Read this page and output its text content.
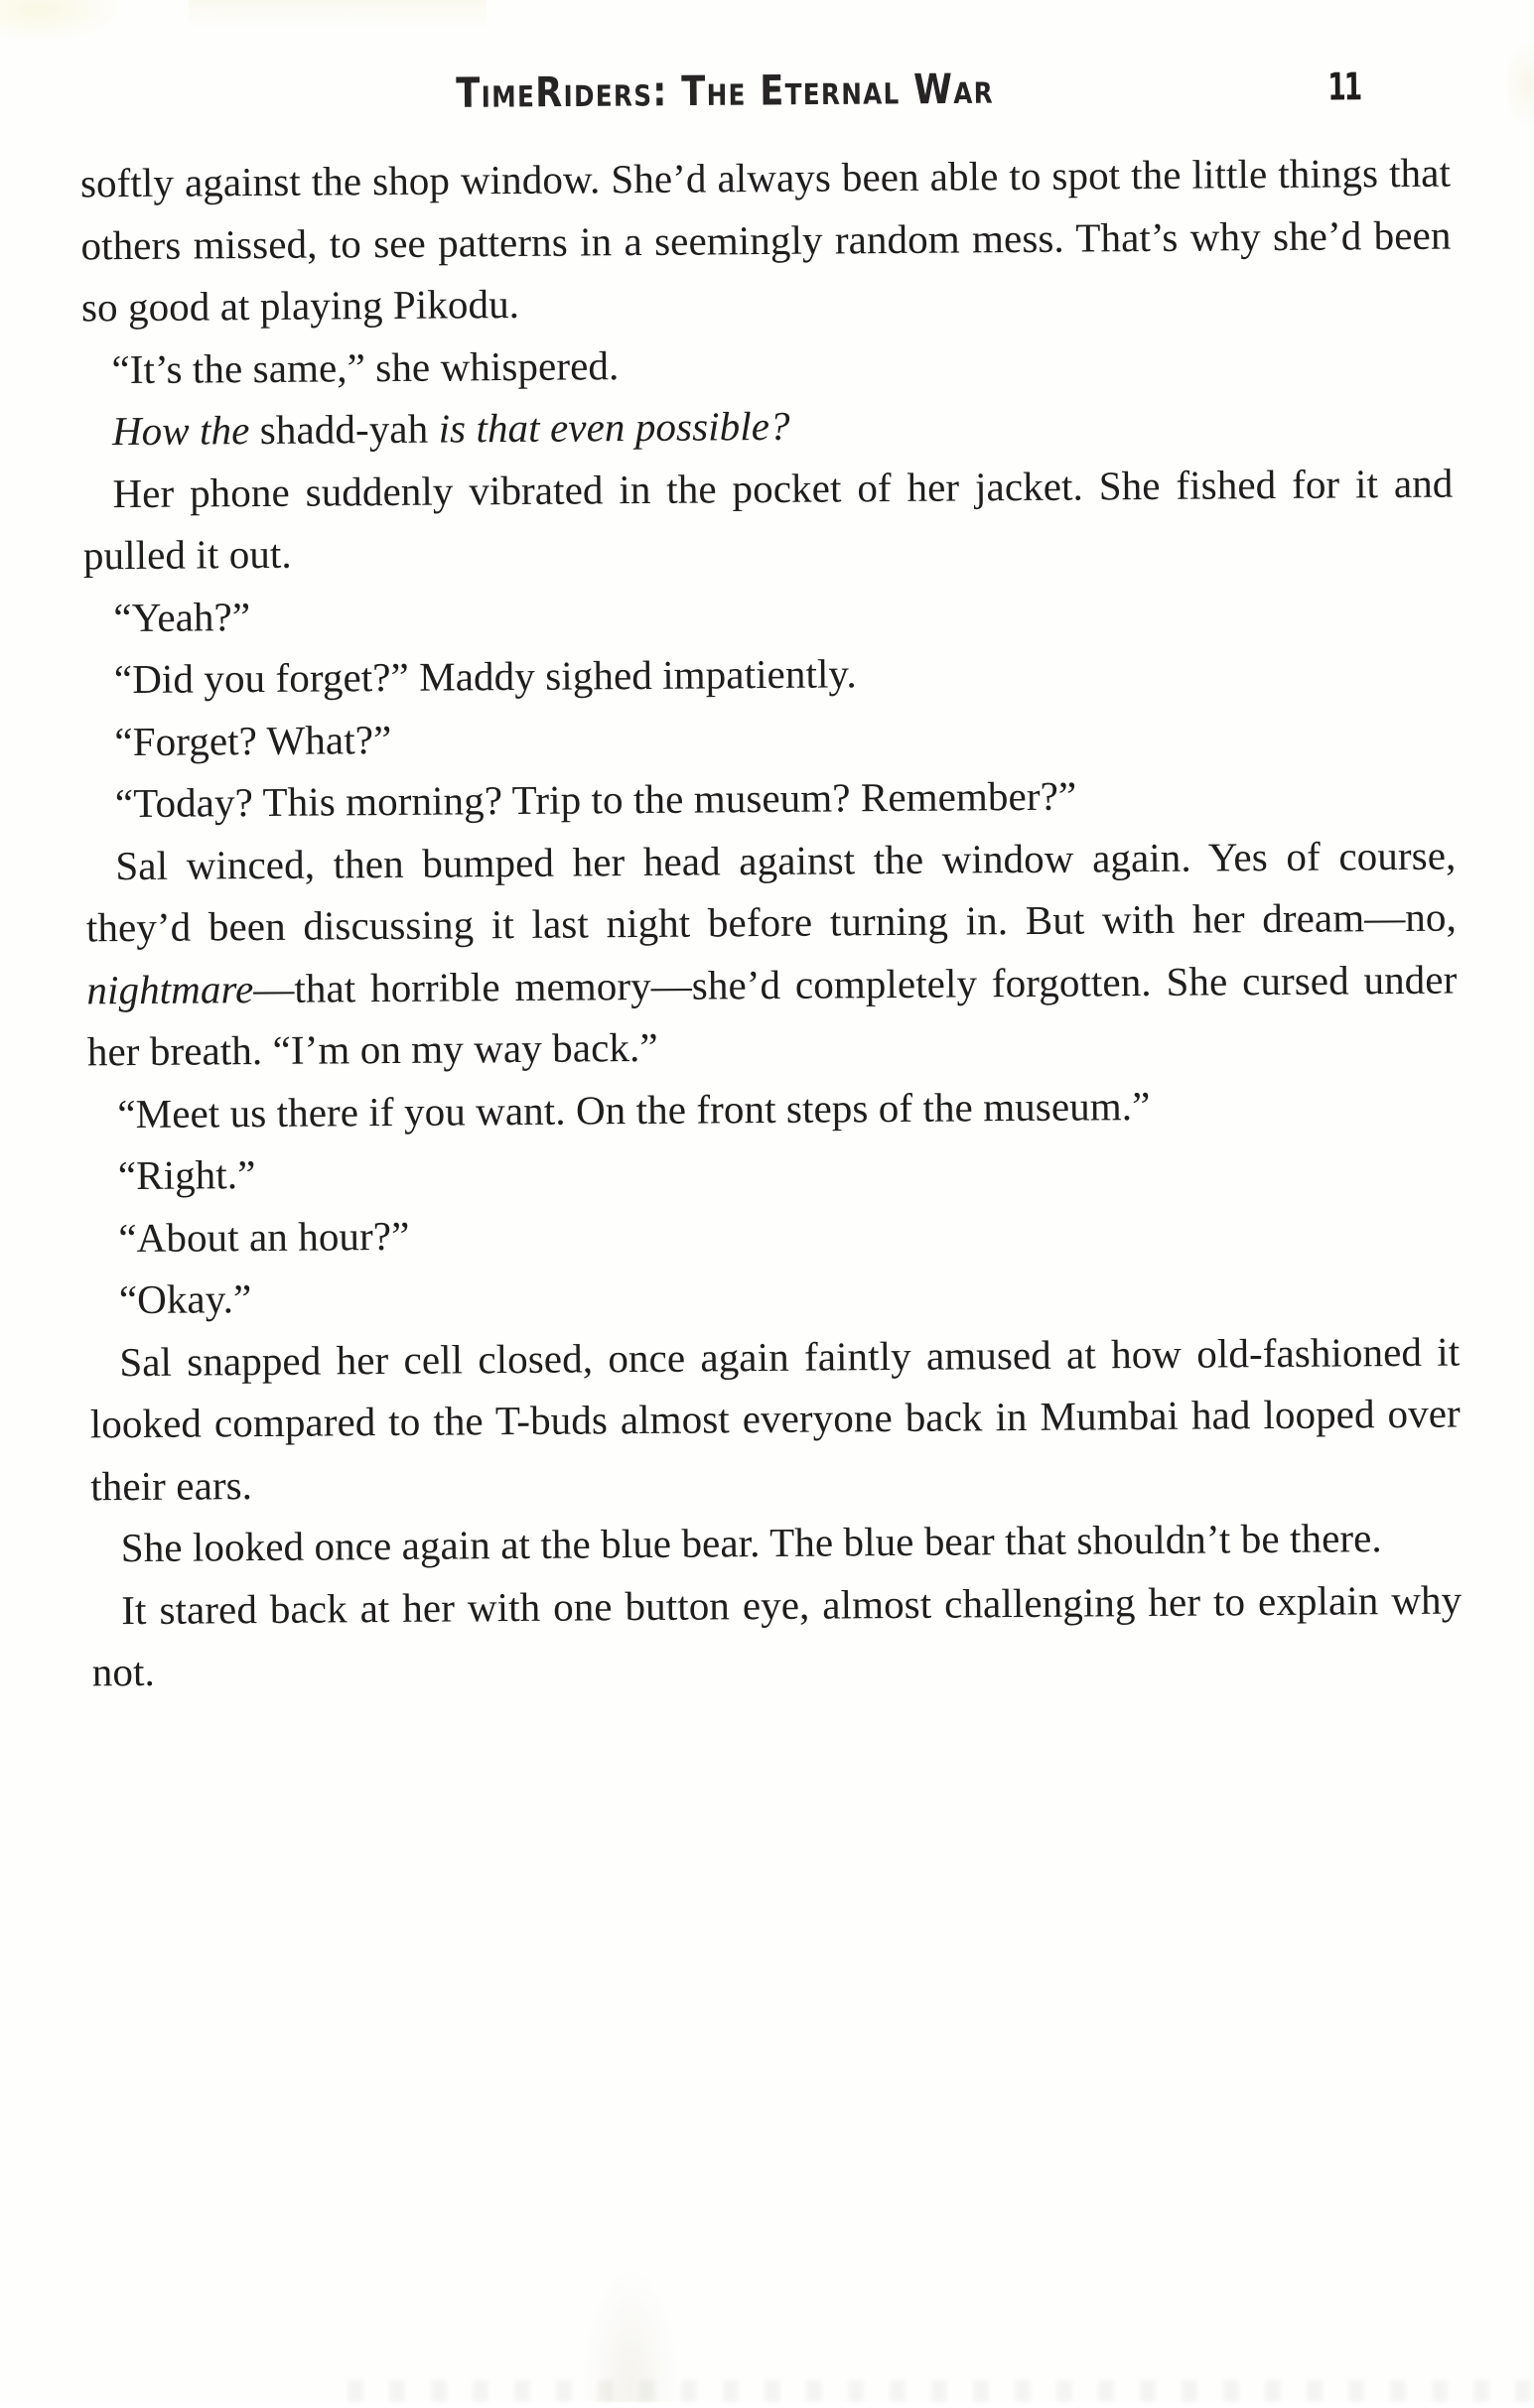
TimeRiders: The Eternal War	11

softly against the shop window. She’d always been able to spot the little things that others missed, to see patterns in a seemingly random mess. That’s why she’d been so good at playing Pikodu.

“It’s the same,” she whispered.

How the shadd-yah is that even possible?

Her phone suddenly vibrated in the pocket of her jacket. She fished for it and pulled it out.

“Yeah?”

“Did you forget?” Maddy sighed impatiently.

“Forget? What?”

“Today? This morning? Trip to the museum? Remember?”

Sal winced, then bumped her head against the window again. Yes of course, they’d been discussing it last night before turning in. But with her dream—no, nightmare—that horrible memory—she’d completely forgotten. She cursed under her breath. “I’m on my way back.”

“Meet us there if you want. On the front steps of the museum.”

“Right.”

“About an hour?”

“Okay.”

Sal snapped her cell closed, once again faintly amused at how old-fashioned it looked compared to the T-buds almost everyone back in Mumbai had looped over their ears.

She looked once again at the blue bear. The blue bear that shouldn’t be there.

It stared back at her with one button eye, almost challenging her to explain why not.
